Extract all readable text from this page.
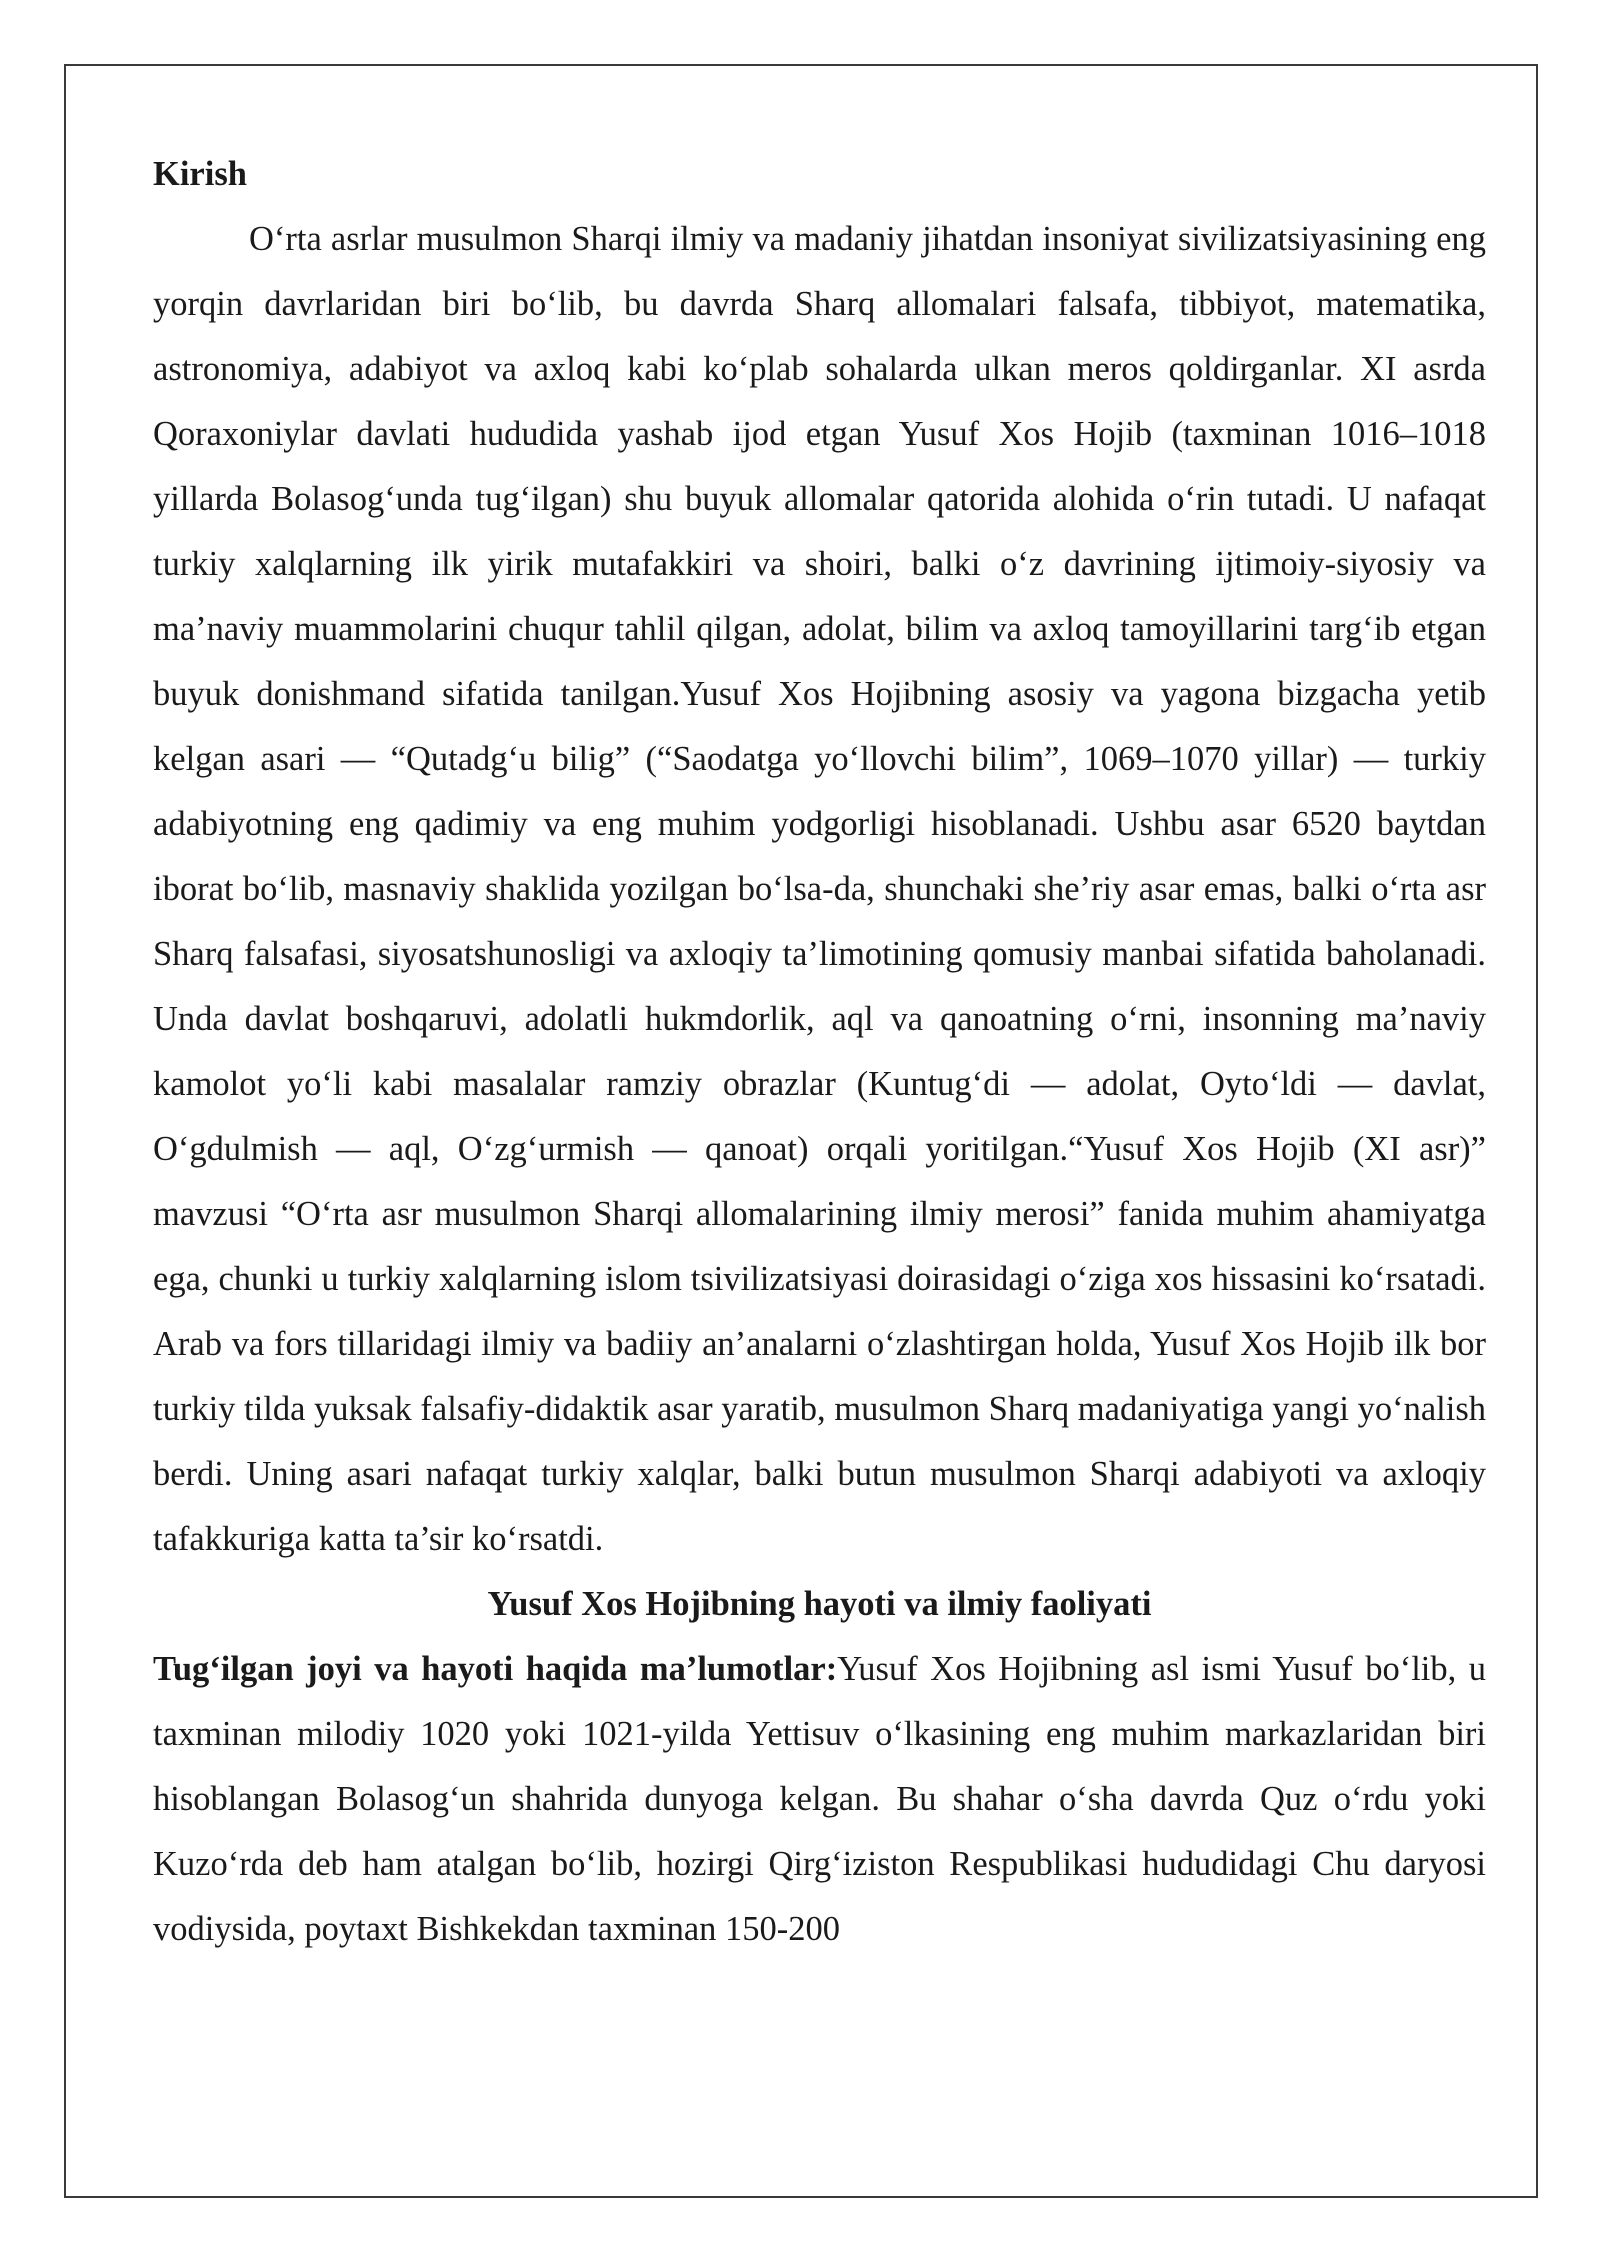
Kirish

O‘rta asrlar musulmon Sharqi ilmiy va madaniy jihatdan insoniyat sivilizatsiyasining eng yorqin davrlaridan biri bo‘lib, bu davrda Sharq allomalari falsafa, tibbiyot, matematika, astronomiya, adabiyot va axloq kabi ko‘plab sohalarda ulkan meros qoldirganlar. XI asrda Qoraxoniylar davlati hududida yashab ijod etgan Yusuf Xos Hojib (taxminan 1016–1018 yillarda Bolasog‘unda tug‘ilgan) shu buyuk allomalar qatorida alohida o‘rin tutadi. U nafaqat turkiy xalqlarning ilk yirik mutafakkiri va shoiri, balki o‘z davrining ijtimoiy-siyosiy va ma’naviy muammolarini chuqur tahlil qilgan, adolat, bilim va axloq tamoyillarini targ‘ib etgan buyuk donishmand sifatida tanilgan.Yusuf Xos Hojibning asosiy va yagona bizgacha yetib kelgan asari — “Qutadg‘u bilig” (“Saodatga yo‘llovchi bilim”, 1069–1070 yillar) — turkiy adabiyotning eng qadimiy va eng muhim yodgorligi hisoblanadi. Ushbu asar 6520 baytdan iborat bo‘lib, masnaviy shaklida yozilgan bo‘lsa-da, shunchaki she’riy asar emas, balki o‘rta asr Sharq falsafasi, siyosatshunosligi va axloqiy ta’limotining qomusiy manbai sifatida baholanadi. Unda davlat boshqaruvi, adolatli hukmdorlik, aql va qanoatning o‘rni, insonning ma’naviy kamolot yo‘li kabi masalalar ramziy obrazlar (Kuntug‘di — adolat, Oyto‘ldi — davlat, O‘gdulmish — aql, O‘zg‘urmish — qanoat) orqali yoritilgan.“Yusuf Xos Hojib (XI asr)” mavzusi “O‘rta asr musulmon Sharqi allomalarining ilmiy merosi” fanida muhim ahamiyatga ega, chunki u turkiy xalqlarning islom tsivilizatsiyasi doirasidagi o‘ziga xos hissasini ko‘rsatadi. Arab va fors tillaridagi ilmiy va badiiy an’analarni o‘zlashtirgan holda, Yusuf Xos Hojib ilk bor turkiy tilda yuksak falsafiy-didaktik asar yaratib, musulmon Sharq madaniyatiga yangi yo‘nalish berdi. Uning asari nafaqat turkiy xalqlar, balki butun musulmon Sharqi adabiyoti va axloqiy tafakkuriga katta ta’sir ko‘rsatdi.

Yusuf Xos Hojibning hayoti va ilmiy faoliyati

Tug‘ilgan joyi va hayoti haqida ma’lumotlar:Yusuf Xos Hojibning asl ismi Yusuf bo‘lib, u taxminan milodiy 1020 yoki 1021-yilda Yettisuv o‘lkasining eng muhim markazlaridan biri hisoblangan Bolasog‘un shahrida dunyoga kelgan. Bu shahar o‘sha davrda Quz o‘rdu yoki Kuzo‘rda deb ham atalgan bo‘lib, hozirgi Qirg‘iziston Respublikasi hududidagi Chu daryosi vodiysida, poytaxt Bishkekdan taxminan 150-200
